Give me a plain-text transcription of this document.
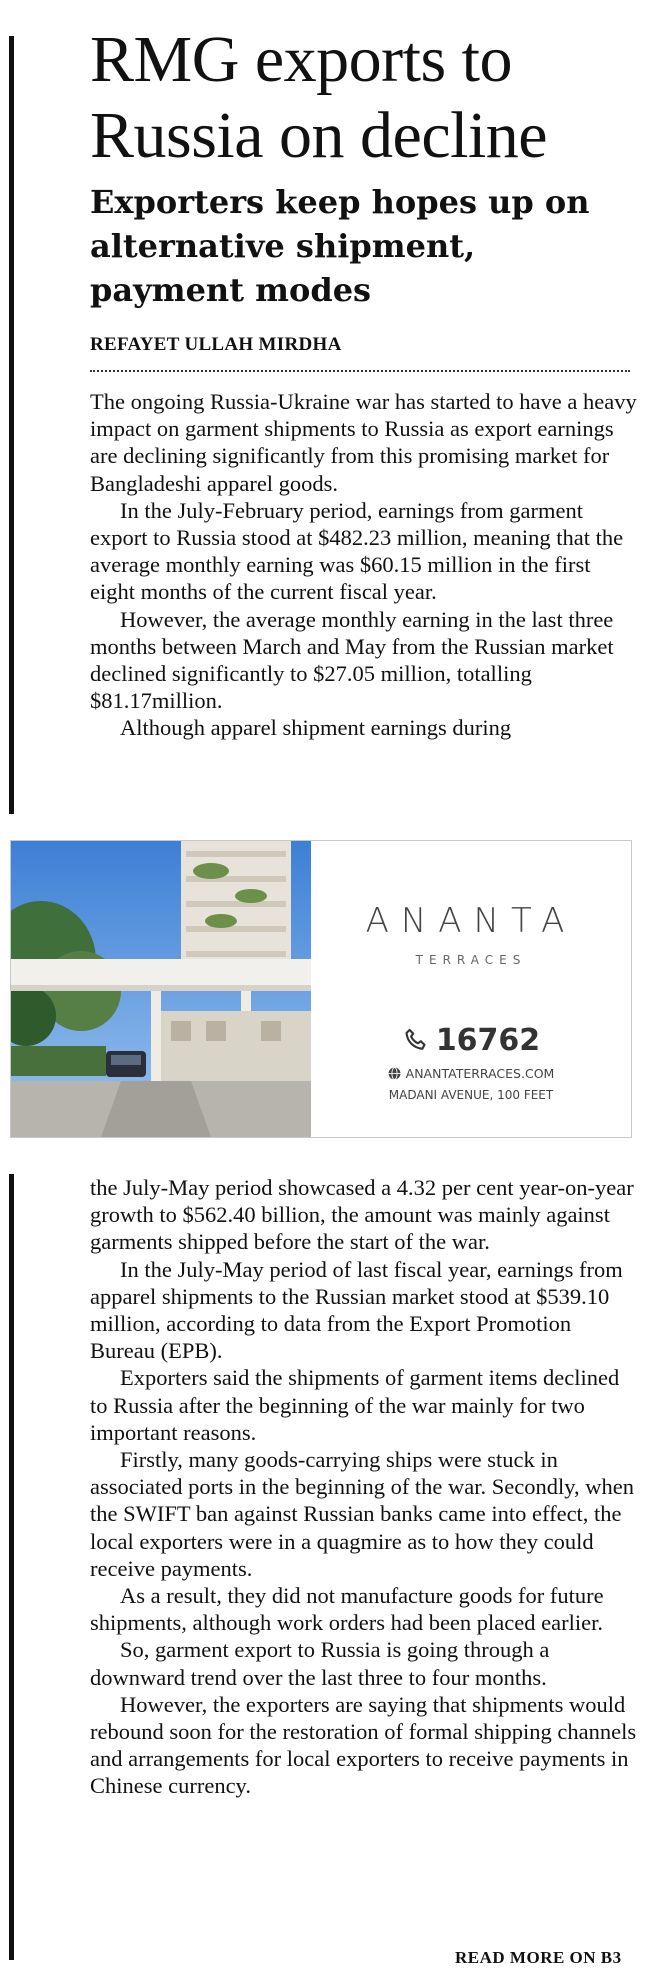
RMG exports to
Russia on decline
Exporters keep hopes up on alternative shipment, payment modes
REFAYET ULLAH MIRDHA

The ongoing Russia-Ukraine war has started to have a heavy impact on garment shipments to Russia as export earnings are declining significantly from this promising market for Bangladeshi apparel goods.

In the July-February period, earnings from garment export to Russia stood at $482.23 million, meaning that the average monthly earning was $60.15 million in the first eight months of the current fiscal year.

However, the average monthly earning in the last three months between March and May from the Russian market declined significantly to $27.05 million, totalling $81.17million.

Although apparel shipment earnings during

ANANTA
TERRACES
16762
ANANTATERRACES.COM
MADANI AVENUE, 100 FEET

the July-May period showcased a 4.32 per cent year-on-year growth to $562.40 billion, the amount was mainly against garments shipped before the start of the war.

In the July-May period of last fiscal year, earnings from apparel shipments to the Russian market stood at $539.10 million, according to data from the Export Promotion Bureau (EPB).

Exporters said the shipments of garment items declined to Russia after the beginning of the war mainly for two important reasons.

Firstly, many goods-carrying ships were stuck in associated ports in the beginning of the war. Secondly, when the SWIFT ban against Russian banks came into effect, the local exporters were in a quagmire as to how they could receive payments.

As a result, they did not manufacture goods for future shipments, although work orders had been placed earlier.

So, garment export to Russia is going through a downward trend over the last three to four months.

However, the exporters are saying that shipments would rebound soon for the restoration of formal shipping channels and arrangements for local exporters to receive payments in Chinese currency.

READ MORE ON B3
